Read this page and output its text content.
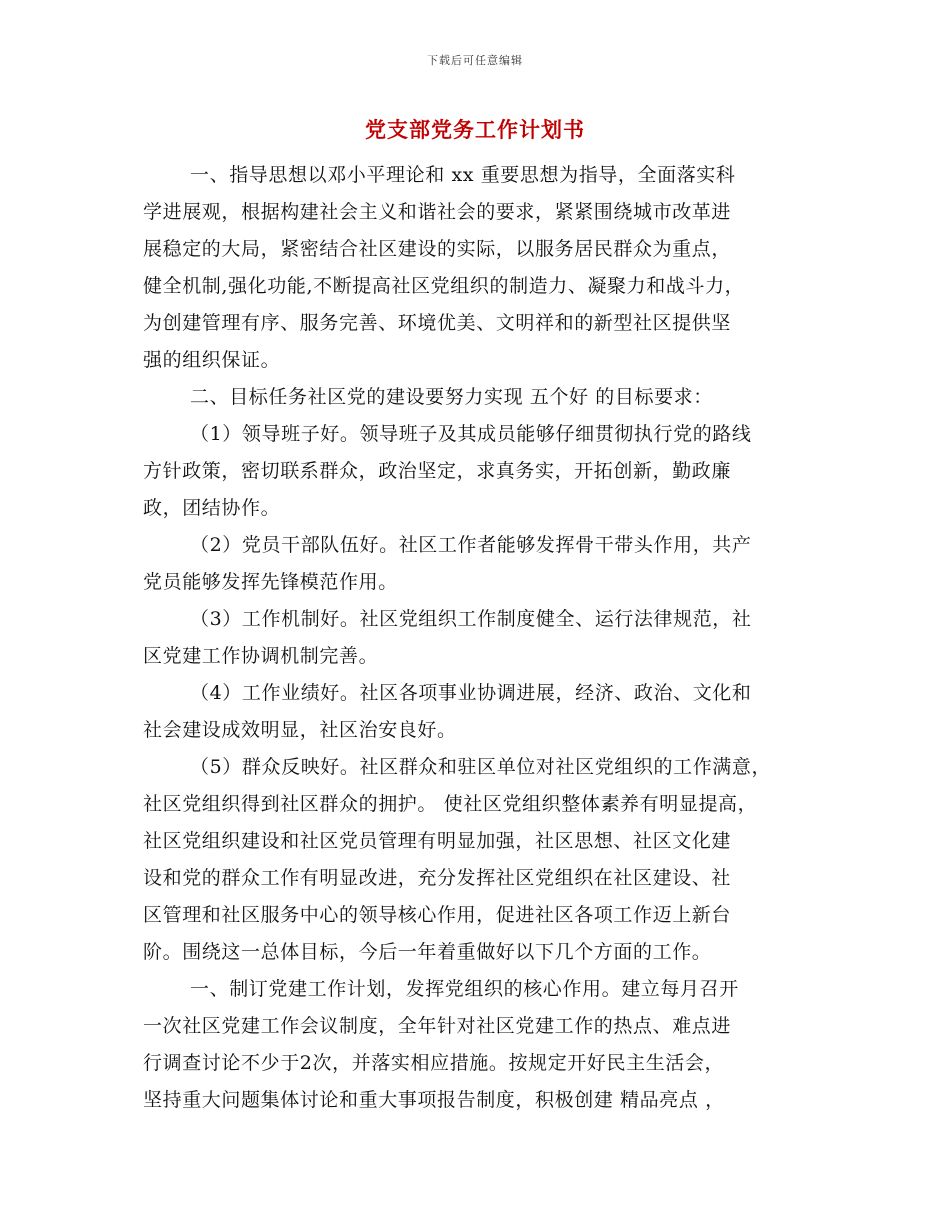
下载后可任意编辑
党支部党务工作计划书
一、指导思想以邓小平理论和 xx 重要思想为指导，全面落实科
学进展观，根据构建社会主义和谐社会的要求，紧紧围绕城市改革进
展稳定的大局，紧密结合社区建设的实际，以服务居民群众为重点，
健全机制,强化功能,不断提高社区党组织的制造力、凝聚力和战斗力，
为创建管理有序、服务完善、环境优美、文明祥和的新型社区提供坚
强的组织保证。
二、目标任务社区党的建设要努力实现 五个好 的目标要求：
（1）领导班子好。领导班子及其成员能够仔细贯彻执行党的路线
方针政策，密切联系群众，政治坚定，求真务实，开拓创新，勤政廉
政，团结协作。
（2）党员干部队伍好。社区工作者能够发挥骨干带头作用，共产
党员能够发挥先锋模范作用。
（3）工作机制好。社区党组织工作制度健全、运行法律规范，社
区党建工作协调机制完善。
（4）工作业绩好。社区各项事业协调进展，经济、政治、文化和
社会建设成效明显，社区治安良好。
（5）群众反映好。社区群众和驻区单位对社区党组织的工作满意，
社区党组织得到社区群众的拥护。 使社区党组织整体素养有明显提高，
社区党组织建设和社区党员管理有明显加强，社区思想、社区文化建
设和党的群众工作有明显改进，充分发挥社区党组织在社区建设、社
区管理和社区服务中心的领导核心作用，促进社区各项工作迈上新台
阶。围绕这一总体目标，今后一年着重做好以下几个方面的工作。
一、制订党建工作计划，发挥党组织的核心作用。建立每月召开
一次社区党建工作会议制度，全年针对社区党建工作的热点、难点进
行调查讨论不少于2次，并落实相应措施。按规定开好民主生活会，
坚持重大问题集体讨论和重大事项报告制度，积极创建 精品亮点 ，
